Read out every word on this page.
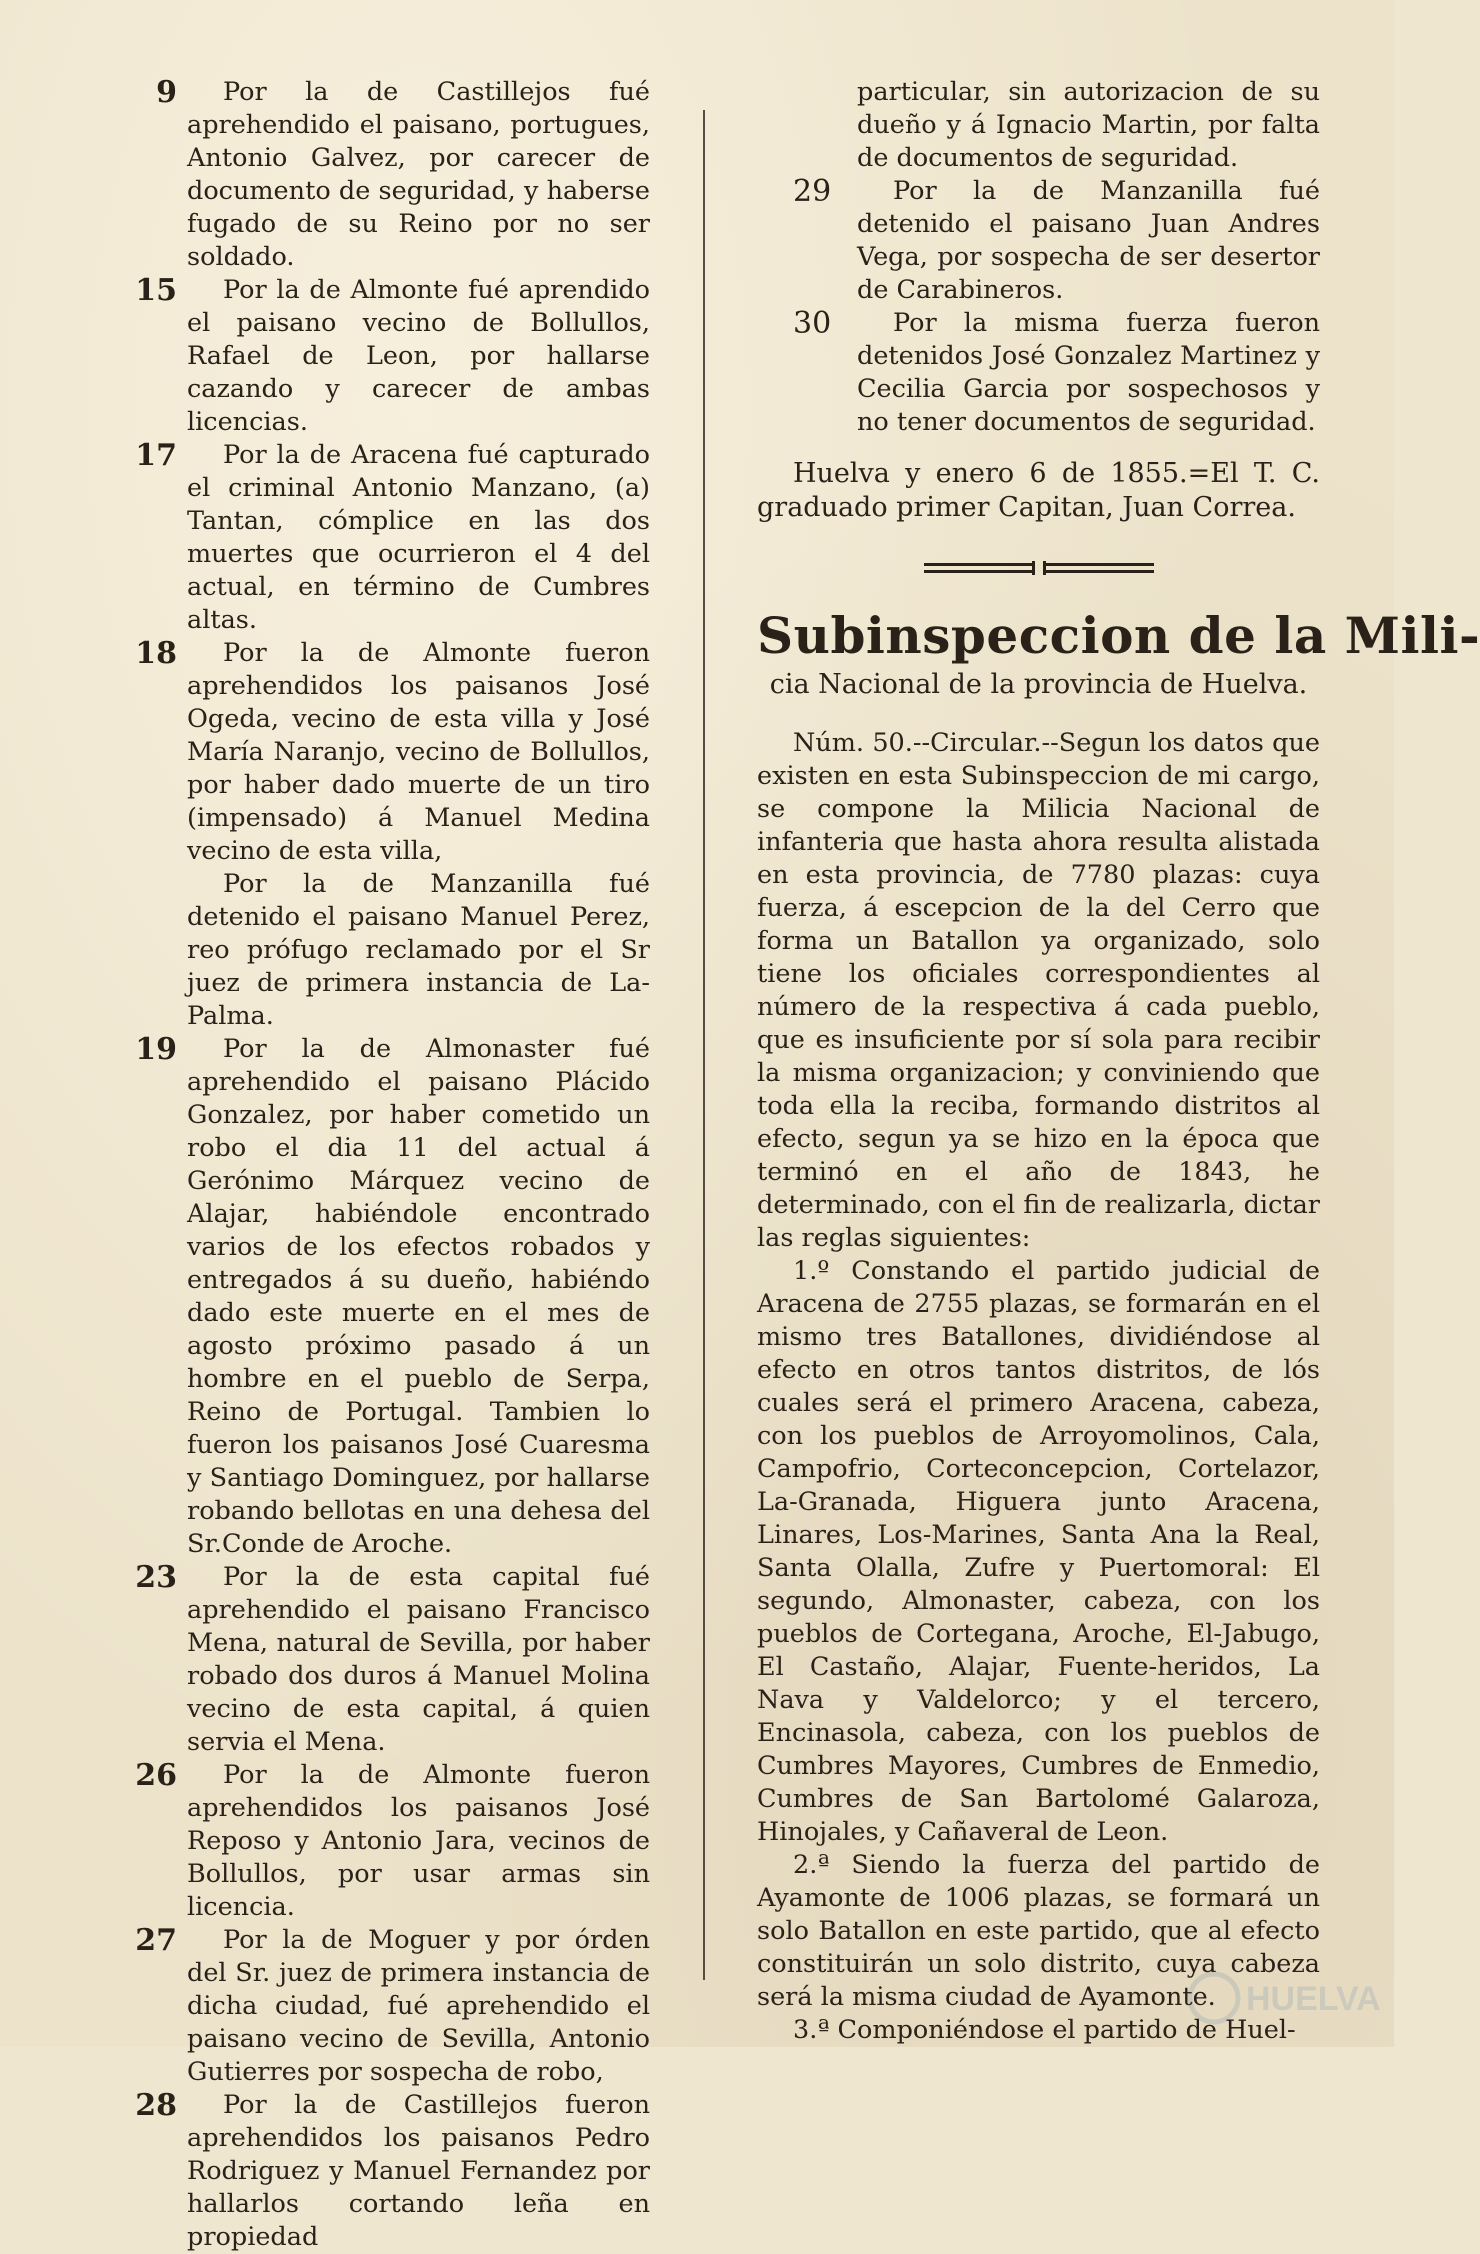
9	Por la de Castillejos fué aprehendido el paisano, portugues, Antonio Galvez, por carecer de documento de seguridad, y haberse fugado de su Reino por no ser soldado.
15	Por la de Almonte fué aprendido el paisano vecino de Bollullos, Rafael de Leon, por hallarse cazando y carecer de ambas licencias.
17	Por la de Aracena fué capturado el criminal Antonio Manzano, (a) Tantan, cómplice en las dos muertes que ocurrieron el 4 del actual, en término de Cumbres altas.
18	Por la de Almonte fueron aprehendidos los paisanos José Ogeda, vecino de esta villa y José María Naranjo, vecino de Bollullos, por haber dado muerte de un tiro (impensado) á Manuel Medina vecino de esta villa,
Por la de Manzanilla fué detenido el paisano Manuel Perez, reo prófugo reclamado por el Sr juez de primera instancia de La-Palma.
19	Por la de Almonaster fué aprehendido el paisano Plácido Gonzalez, por haber cometido un robo el dia 11 del actual á Gerónimo Márquez vecino de Alajar, habiéndole encontrado varios de los efectos robados y entregados á su dueño, habiéndo dado este muerte en el mes de agosto próximo pasado á un hombre en el pueblo de Serpa, Reino de Portugal. Tambien lo fueron los paisanos José Cuaresma y Santiago Dominguez, por hallarse robando bellotas en una dehesa del Sr.Conde de Aroche.
23	Por la de esta capital fué aprehendido el paisano Francisco Mena, natural de Sevilla, por haber robado dos duros á Manuel Molina vecino de esta capital, á quien servia el Mena.
26	Por la de Almonte fueron aprehendidos los paisanos José Reposo y Antonio Jara, vecinos de Bollullos, por usar armas sin licencia.
27	Por la de Moguer y por órden del Sr. juez de primera instancia de dicha ciudad, fué aprehendido el paisano vecino de Sevilla, Antonio Gutierres por sospecha de robo,
28	Por la de Castillejos fueron aprehendidos los paisanos Pedro Rodriguez y Manuel Fernandez por hallarlos cortando leña en propiedad
particular, sin autorizacion de su dueño y á Ignacio Martin, por falta de documentos de seguridad.
29	Por la de Manzanilla fué detenido el paisano Juan Andres Vega, por sospecha de ser desertor de Carabineros.
30	Por la misma fuerza fueron detenidos José Gonzalez Martinez y Cecilia Garcia por sospechosos y no tener documentos de seguridad.
Huelva y enero 6 de 1855.=El T. C. graduado primer Capitan, Juan Correa.
Subinspeccion de la Mili-
cia Nacional de la provincia de Huelva.
Núm. 50.--Circular.--Segun los datos que existen en esta Subinspeccion de mi cargo, se compone la Milicia Nacional de infanteria que hasta ahora resulta alistada en esta provincia, de 7780 plazas: cuya fuerza, á escepcion de la del Cerro que forma un Batallon ya organizado, solo tiene los oficiales correspondientes al número de la respectiva á cada pueblo, que es insuficiente por sí sola para recibir la misma organizacion; y conviniendo que toda ella la reciba, formando distritos al efecto, segun ya se hizo en la época que terminó en el año de 1843, he determinado, con el fin de realizarla, dictar las reglas siguientes:
1.º Constando el partido judicial de Aracena de 2755 plazas, se formarán en el mismo tres Batallones, dividiéndose al efecto en otros tantos distritos, de lós cuales será el primero Aracena, cabeza, con los pueblos de Arroyomolinos, Cala, Campofrio, Corteconcepcion, Cortelazor, La-Granada, Higuera junto Aracena, Linares, Los-Marines, Santa Ana la Real, Santa Olalla, Zufre y Puertomoral: El segundo, Almonaster, cabeza, con los pueblos de Cortegana, Aroche, El-Jabugo, El Castaño, Alajar, Fuente-heridos, La Nava y Valdelorco; y el tercero, Encinasola, cabeza, con los pueblos de Cumbres Mayores, Cumbres de Enmedio, Cumbres de San Bartolomé Galaroza, Hinojales, y Cañaveral de Leon.
2.ª Siendo la fuerza del partido de Ayamonte de 1006 plazas, se formará un solo Batallon en este partido, que al efecto constituirán un solo distrito, cuya cabeza será la misma ciudad de Ayamonte.
3.ª Componiéndose el partido de Huel-
HUELVA
